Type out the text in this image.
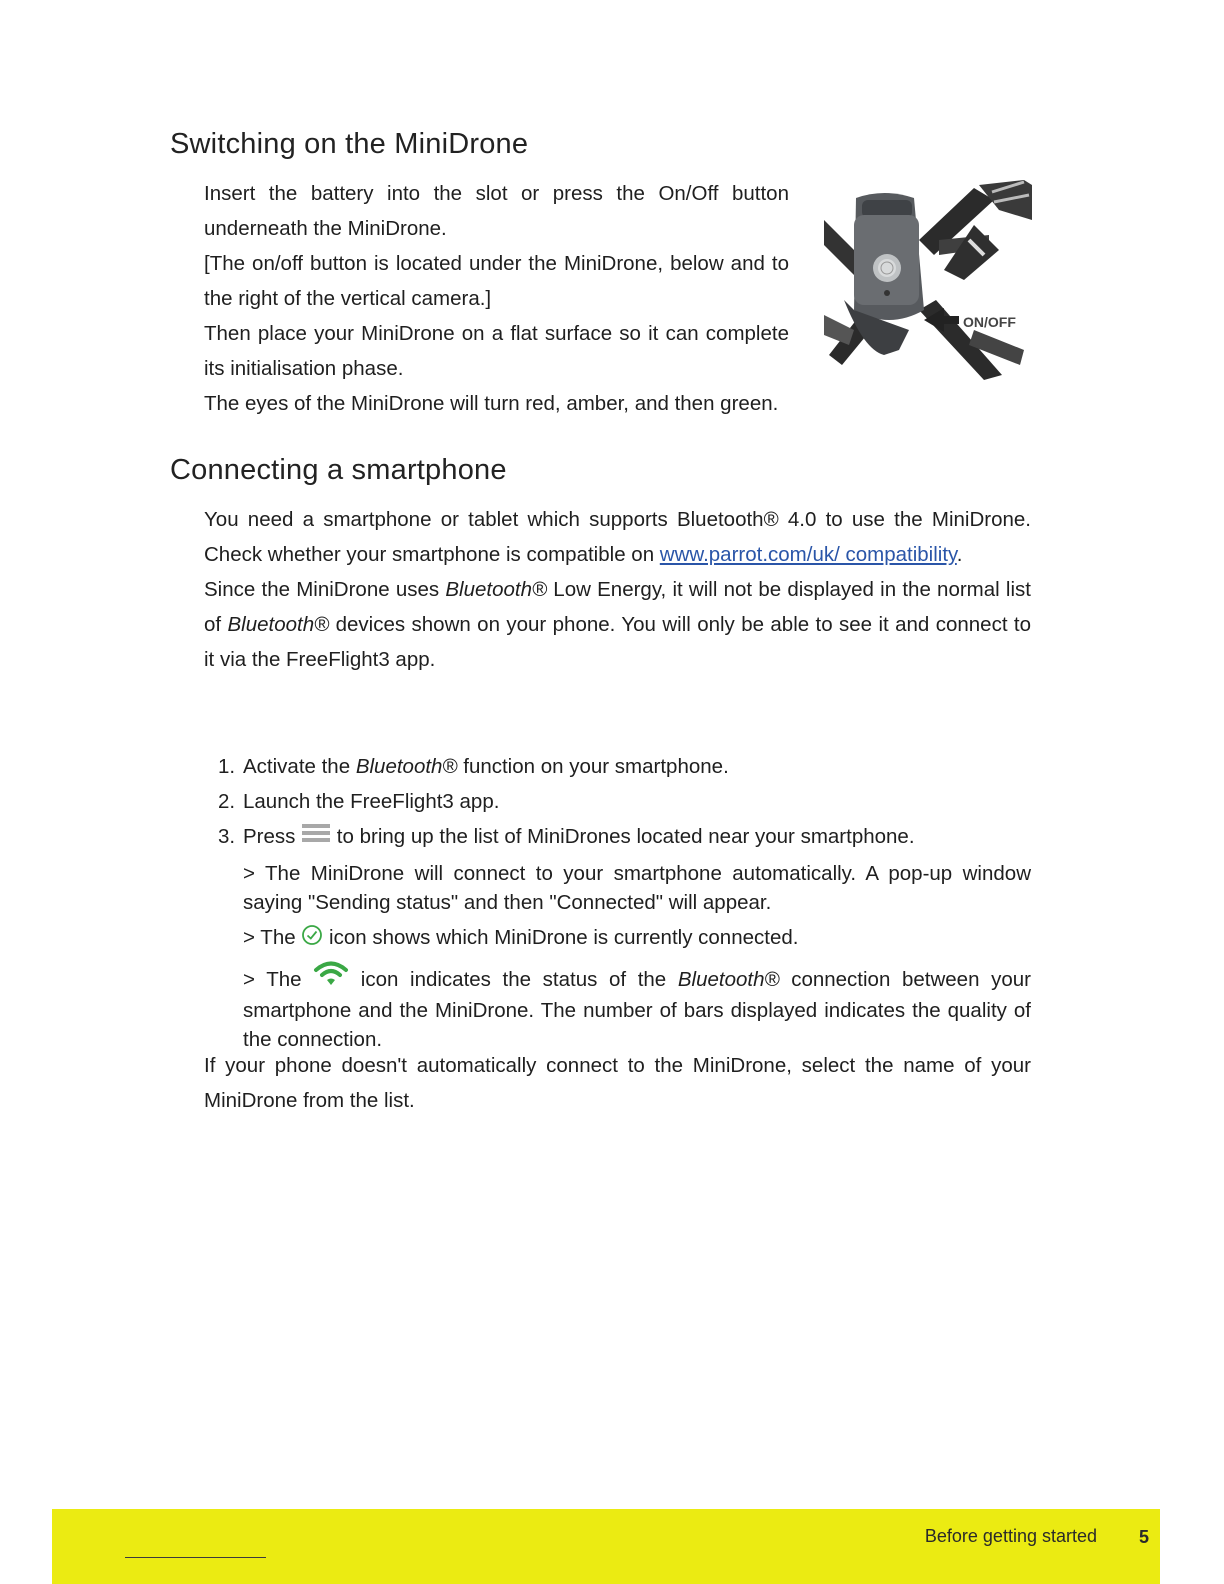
Switching on the MiniDrone

Insert the battery into the slot or press the On/Off button underneath the MiniDrone.

[The on/off button is located under the MiniDrone, below and to the right of the vertical camera.]

Then place your MiniDrone on a flat surface so it can complete its initialisation phase.

The eyes of the MiniDrone will turn red, amber, and then green.

ON/OFF
Connecting a smartphone

You need a smartphone or tablet which supports Bluetooth® 4.0 to use the MiniDrone. Check whether your smartphone is compatible on www.parrot.com/uk/ compatibility.

Since the MiniDrone uses Bluetooth® Low Energy, it will not be displayed in the normal list of Bluetooth® devices shown on your phone. You will only be able to see it and connect to it via the FreeFlight3 app.

1. Activate the Bluetooth® function on your smartphone.
2. Launch the FreeFlight3 app.
3. Press  to bring up the list of MiniDrones located near your smartphone.
> The MiniDrone will connect to your smartphone automatically. A pop-up window saying "Sending status" and then "Connected" will appear.
> The  icon shows which MiniDrone is currently connected.
> The  icon indicates the status of the Bluetooth® connection between your smartphone and the MiniDrone. The number of bars displayed indicates the quality of the connection.

If your phone doesn't automatically connect to the MiniDrone, select the name of your MiniDrone from the list.

Before getting started 5
